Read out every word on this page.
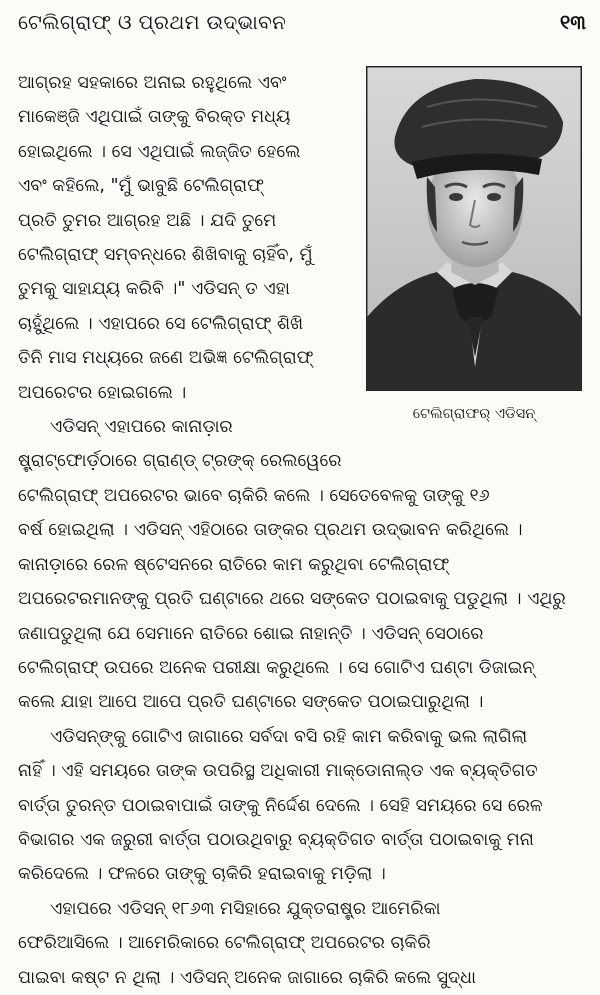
ଟେଲିଗ୍ରାଫ୍ ଓ ପ୍ରଥମ ଉଦ୍ଭାବନ	୧୩
ଟେଲିଗ୍ରାଫର୍ ଏଡିସନ୍
ଆଗ୍ରହ ସହକାରେ ଅନାଇ ରହୁଥିଲେ ଏବଂ
ମାକେଞ୍ଜି ଏଥିପାଇଁ ତାଙ୍କୁ ବିରକ୍ତ ମଧ୍ୟ
ହୋଇଥିଲେ । ସେ ଏଥିପାଇଁ ଲଜ୍ଜିତ ହେଲେ
ଏବଂ କହିଲେ, "ମୁଁ ଭାବୁଛି ଟେଲିଗ୍ରାଫ୍
ପ୍ରତି ତୁମର ଆଗ୍ରହ ଅଛି । ଯଦି ତୁମେ
ଟେଲିଗ୍ରାଫ୍ ସମ୍ବନ୍ଧରେ ଶିଖିବାକୁ ଚାହିଁବ, ମୁଁ
ତୁମକୁ ସାହାଯ୍ୟ କରିବି ।" ଏଡିସନ୍ ତ ଏହା
ଚାହୁଁଥିଲେ । ଏହାପରେ ସେ ଟେଲିଗ୍ରାଫ୍ ଶିଖି
ତିନି ମାସ ମଧ୍ୟରେ ଜଣେ ଅଭିଜ୍ଞ ଟେଲିଗ୍ରାଫ୍
ଅପରେଟର ହୋଇଗଲେ ।
ଏଡିସନ୍ ଏହାପରେ କାନାଡ଼ାର
ଷ୍ଟ୍ରାଟ୍‌ଫୋର୍ଡ଼ଠାରେ ଗ୍ରାଣ୍ଡ୍ ଟ୍ରଙ୍କ୍ ରେଲୱେରେ
ଟେଲିଗ୍ରାଫ୍ ଅପରେଟର ଭାବେ ଚାକିରି କଲେ । ସେତେବେଳକୁ ତାଙ୍କୁ ୧୬
ବର୍ଷ ହୋଇଥିଲା । ଏଡିସନ୍ ଏହିଠାରେ ତାଙ୍କର ପ୍ରଥମ ଉଦ୍ଭାବନ କରିଥିଲେ ।
କାନାଡ଼ାରେ ରେଳ ଷ୍ଟେସନରେ ରାତିରେ କାମ କରୁଥିବା ଟେଲିଗ୍ରାଫ୍
ଅପରେଟରମାନଙ୍କୁ ପ୍ରତି ଘଣ୍ଟାରେ ଥରେ ସଙ୍କେତ ପଠାଇବାକୁ ପଡୁଥିଲା । ଏଥିରୁ
ଜଣାପଡୁଥିଲା ଯେ ସେମାନେ ରାତିରେ ଶୋଇ ନାହାନ୍ତି । ଏଡିସନ୍ ସେଠାରେ
ଟେଲିଗ୍ରାଫ୍ ଉପରେ ଅନେକ ପରୀକ୍ଷା କରୁଥିଲେ । ସେ ଗୋଟିଏ ଘଣ୍ଟା ଡିଜାଇନ୍
କଲେ ଯାହା ଆପେ ଆପେ ପ୍ରତି ଘଣ୍ଟାରେ ସଙ୍କେତ ପଠାଇପାରୁଥିଲା ।
ଏଡିସନ୍‌ଙ୍କୁ ଗୋଟିଏ ଜାଗାରେ ସର୍ବଦା ବସି ରହି କାମ କରିବାକୁ ଭଲ ଲାଗିଲା
ନାହିଁ । ଏହି ସମୟରେ ତାଙ୍କ ଉପରିସ୍ଥ ଅଧିକାରୀ ମାକ୍‌ଡୋନାଲ୍ଡ ଏକ ବ୍ୟକ୍ତିଗତ
ବାର୍ତ୍ତା ତୁରନ୍ତ ପଠାଇବାପାଇଁ ତାଙ୍କୁ ନିର୍ଦ୍ଦେଶ ଦେଲେ । ସେହି ସମୟରେ ସେ ରେଳ
ବିଭାଗର ଏକ ଜରୁରୀ ବାର୍ତ୍ତା ପଠାଉଥିବାରୁ ବ୍ୟକ୍ତିଗତ ବାର୍ତ୍ତା ପଠାଇବାକୁ ମନା
କରିଦେଲେ । ଫଳରେ ତାଙ୍କୁ ଚାକିରି ହରାଇବାକୁ ମଡ଼ିଲା ।
ଏହାପରେ ଏଡିସନ୍ ୧୮୬୩ ମସିହାରେ ଯୁକ୍ତରାଷ୍ଟ୍ର ଆମେରିକା
ଫେରିଆସିଲେ । ଆମେରିକାରେ ଟେଲିଗ୍ରାଫ୍ ଅପରେଟର ଚାକିରି
ପାଇବା କଷ୍ଟ ନ ଥିଲା । ଏଡିସନ୍ ଅନେକ ଜାଗାରେ ଚାକିରି କଲେ ସୁଦ୍ଧା
